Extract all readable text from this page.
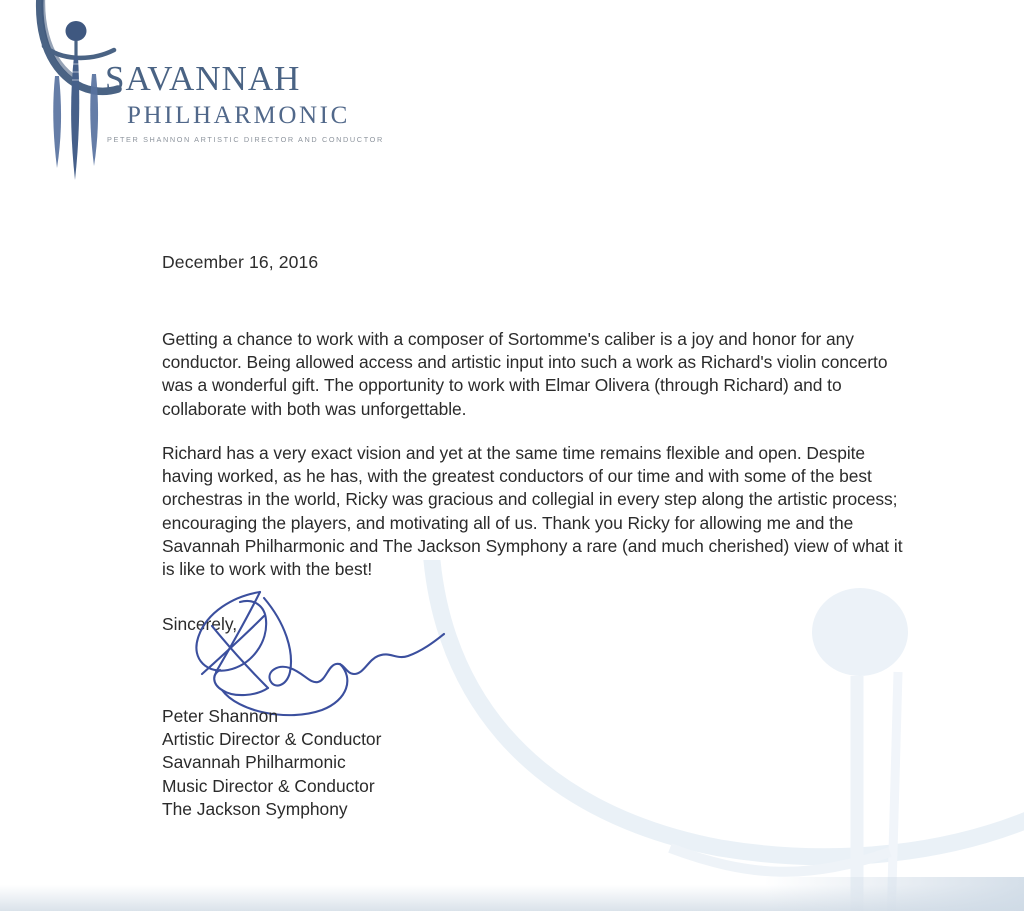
savannah
PHILHARMONIC
PETER SHANNON ARTISTIC DIRECTOR AND CONDUCTOR
December 16, 2016

Getting a chance to work with a composer of Sortomme's caliber is a joy and honor for any conductor. Being allowed access and artistic input into such a work as Richard's violin concerto was a wonderful gift. The opportunity to work with Elmar Olivera (through Richard) and to collaborate with both was unforgettable.

Richard has a very exact vision and yet at the same time remains flexible and open. Despite having worked, as he has, with the greatest conductors of our time and with some of the best orchestras in the world, Ricky was gracious and collegial in every step along the artistic process; encouraging the players, and motivating all of us. Thank you Ricky for allowing me and the Savannah Philharmonic and The Jackson Symphony a rare (and much cherished) view of what it is like to work with the best!

Sincerely,
Peter Shannon
Artistic Director & Conductor
Savannah Philharmonic
Music Director & Conductor
The Jackson Symphony
